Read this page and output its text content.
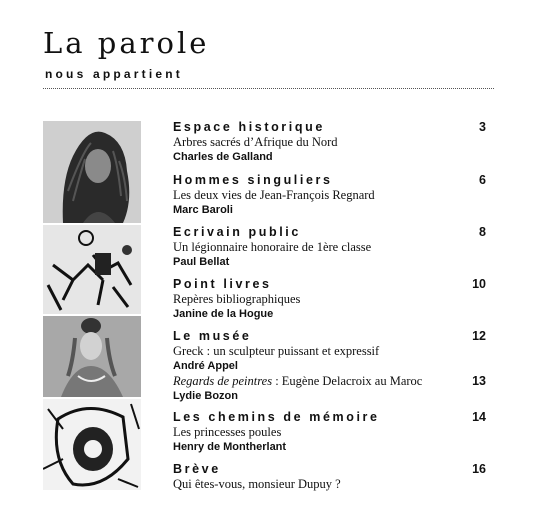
La parole
nous appartient
Espace historique	3
Arbres sacrés d’Afrique du Nord
Charles de Galland
Hommes singuliers	6
Les deux vies de Jean-François Regnard
Marc Baroli
Ecrivain public	8
Un légionnaire honoraire de 1ère classe
Paul Bellat
Point livres	10
Repères bibliographiques
Janine de la Hogue
Le musée	12
Greck : un sculpteur puissant et expressif
André Appel
Regards de peintres : Eugène Delacroix au Maroc	13
Lydie Bozon
Les chemins de mémoire	14
Les princesses poules
Henry de Montherlant
Brève	16
Qui êtes-vous, monsieur Dupuy ?
